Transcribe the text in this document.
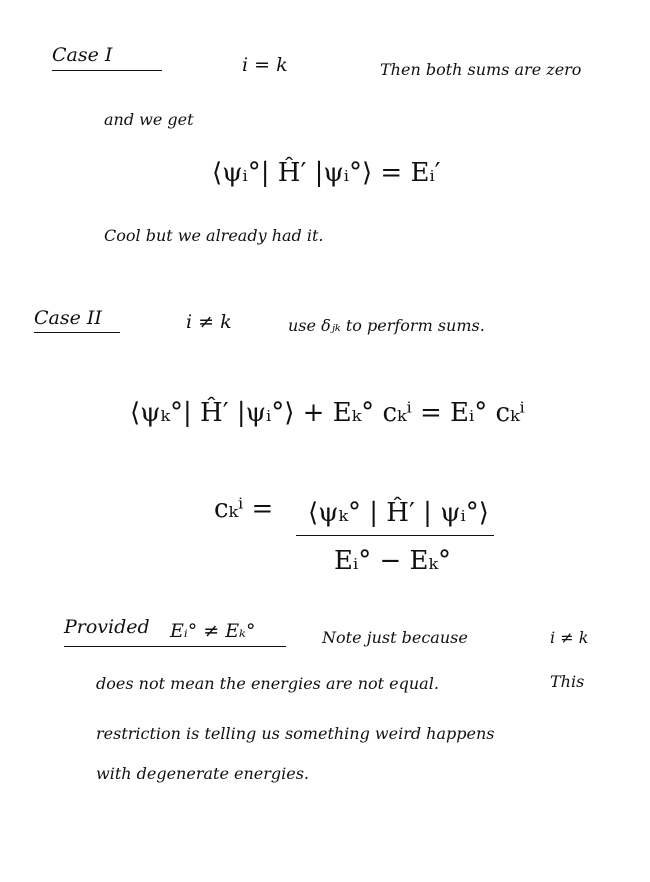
Case I	i = k	Then both sums are zero
and we get
⟨ψᵢ°| Ĥ′ |ψᵢ°⟩ = Eᵢ′
Cool but we already had it.
Case II	i ≠ k	use δⱼₖ to perform sums.
⟨ψₖ°| Ĥ′ |ψᵢ°⟩ + Eₖ° cₖⁱ = Eᵢ° cₖⁱ
cₖⁱ = ⟨ψₖ° | Ĥ′ | ψᵢ°⟩
Eᵢ° − Eₖ°
Provided Eᵢ° ≠ Eₖ°	Note just because	i ≠ k
does not mean the energies are not equal.	This
restriction is telling us something weird happens
with degenerate energies.
